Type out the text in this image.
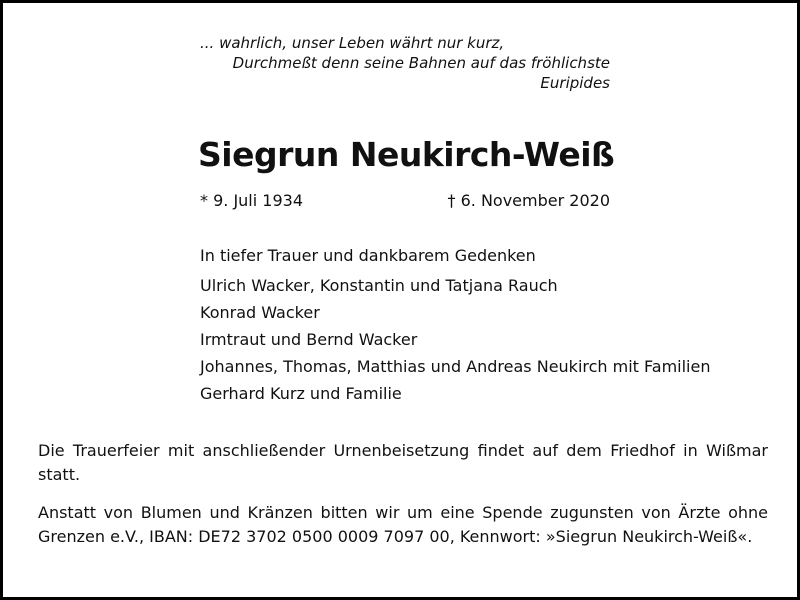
... wahrlich, unser Leben währt nur kurz,
Durchmeßt denn seine Bahnen auf das fröhlichste
Euripides
Siegrun Neukirch-Weiß
* 9. Juli 1934	† 6. November 2020
In tiefer Trauer und dankbarem Gedenken
Ulrich Wacker, Konstantin und Tatjana Rauch
Konrad Wacker
Irmtraut und Bernd Wacker
Johannes, Thomas, Matthias und Andreas Neukirch mit Familien
Gerhard Kurz und Familie
Die Trauerfeier mit anschließender Urnenbeisetzung findet auf dem Friedhof in Wißmar statt.
Anstatt von Blumen und Kränzen bitten wir um eine Spende zugunsten von Ärzte ohne Grenzen e.V., IBAN: DE72 3702 0500 0009 7097 00, Kennwort: »Siegrun Neukirch-Weiß«.
